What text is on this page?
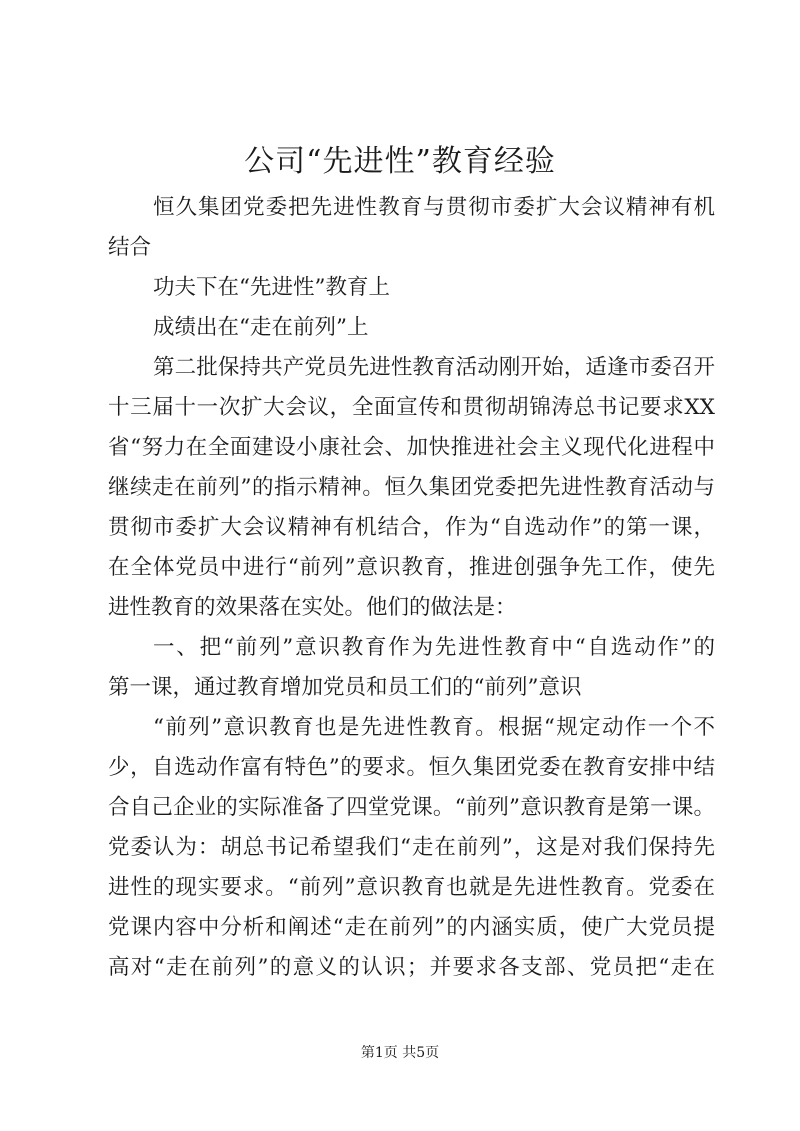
公司“先进性”教育经验
恒久集团党委把先进性教育与贯彻市委扩大会议精神有机
结合
功夫下在“先进性”教育上
成绩出在“走在前列”上
第二批保持共产党员先进性教育活动刚开始，适逢市委召开
十三届十一次扩大会议，全面宣传和贯彻胡锦涛总书记要求XX
省“努力在全面建设小康社会、加快推进社会主义现代化进程中
继续走在前列”的指示精神。恒久集团党委把先进性教育活动与
贯彻市委扩大会议精神有机结合，作为“自选动作”的第一课，
在全体党员中进行“前列”意识教育，推进创强争先工作，使先
进性教育的效果落在实处。他们的做法是：
一、把“前列”意识教育作为先进性教育中“自选动作”的
第一课，通过教育增加党员和员工们的“前列”意识
“前列”意识教育也是先进性教育。根据“规定动作一个不
少，自选动作富有特色”的要求。恒久集团党委在教育安排中结
合自己企业的实际准备了四堂党课。“前列”意识教育是第一课。
党委认为：胡总书记希望我们“走在前列”，这是对我们保持先
进性的现实要求。“前列”意识教育也就是先进性教育。党委在
党课内容中分析和阐述“走在前列”的内涵实质，使广大党员提
高对“走在前列”的意义的认识；并要求各支部、党员把“走在
第1页 共5页
